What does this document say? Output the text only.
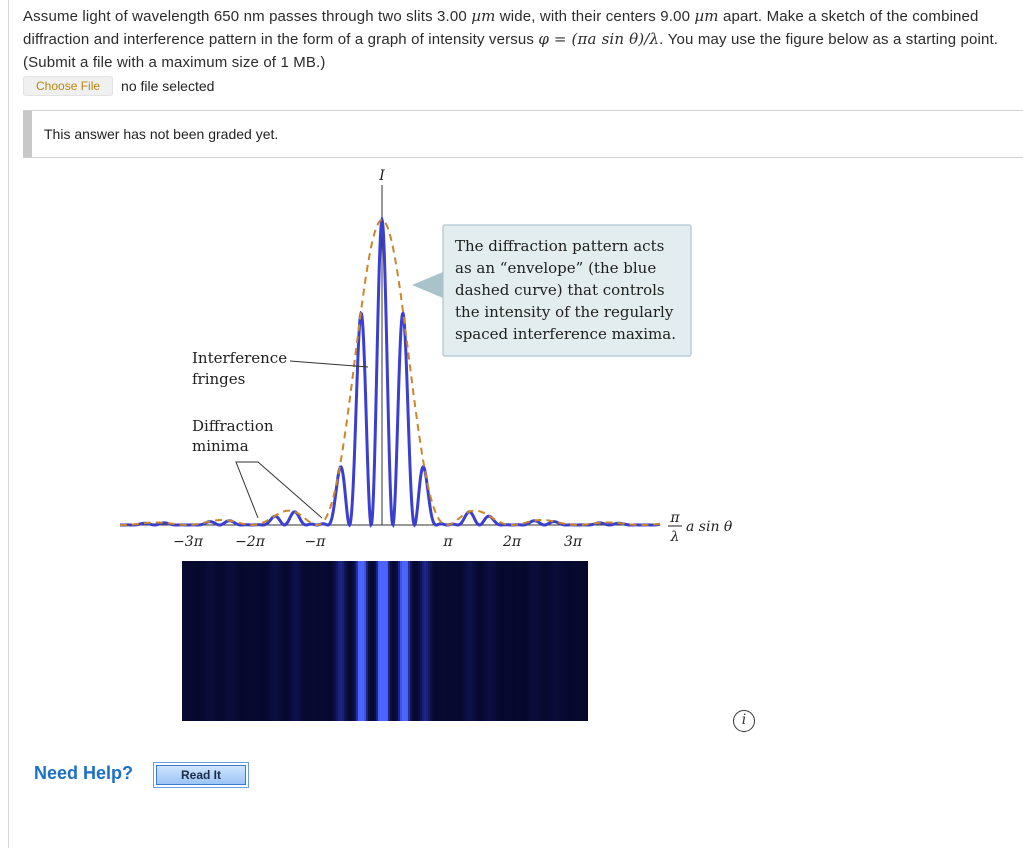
Assume light of wavelength 650 nm passes through two slits 3.00 µm wide, with their centers 9.00 µm apart. Make a sketch of the combined diffraction and interference pattern in the form of a graph of intensity versus φ = (πa sin θ)/λ. You may use the figure below as a starting point. (Submit a file with a maximum size of 1 MB.)
Choose File	no file selected
This answer has not been graded yet.
−3π −2π	−π	π	2π	3π
I
π
λ
a sin θ
The diffraction pattern acts
as an “envelope” (the blue
dashed curve) that controls
the intensity of the regularly
spaced interference maxima.
Interference
fringes
Diffraction
minima
i
Need Help?	Read It
